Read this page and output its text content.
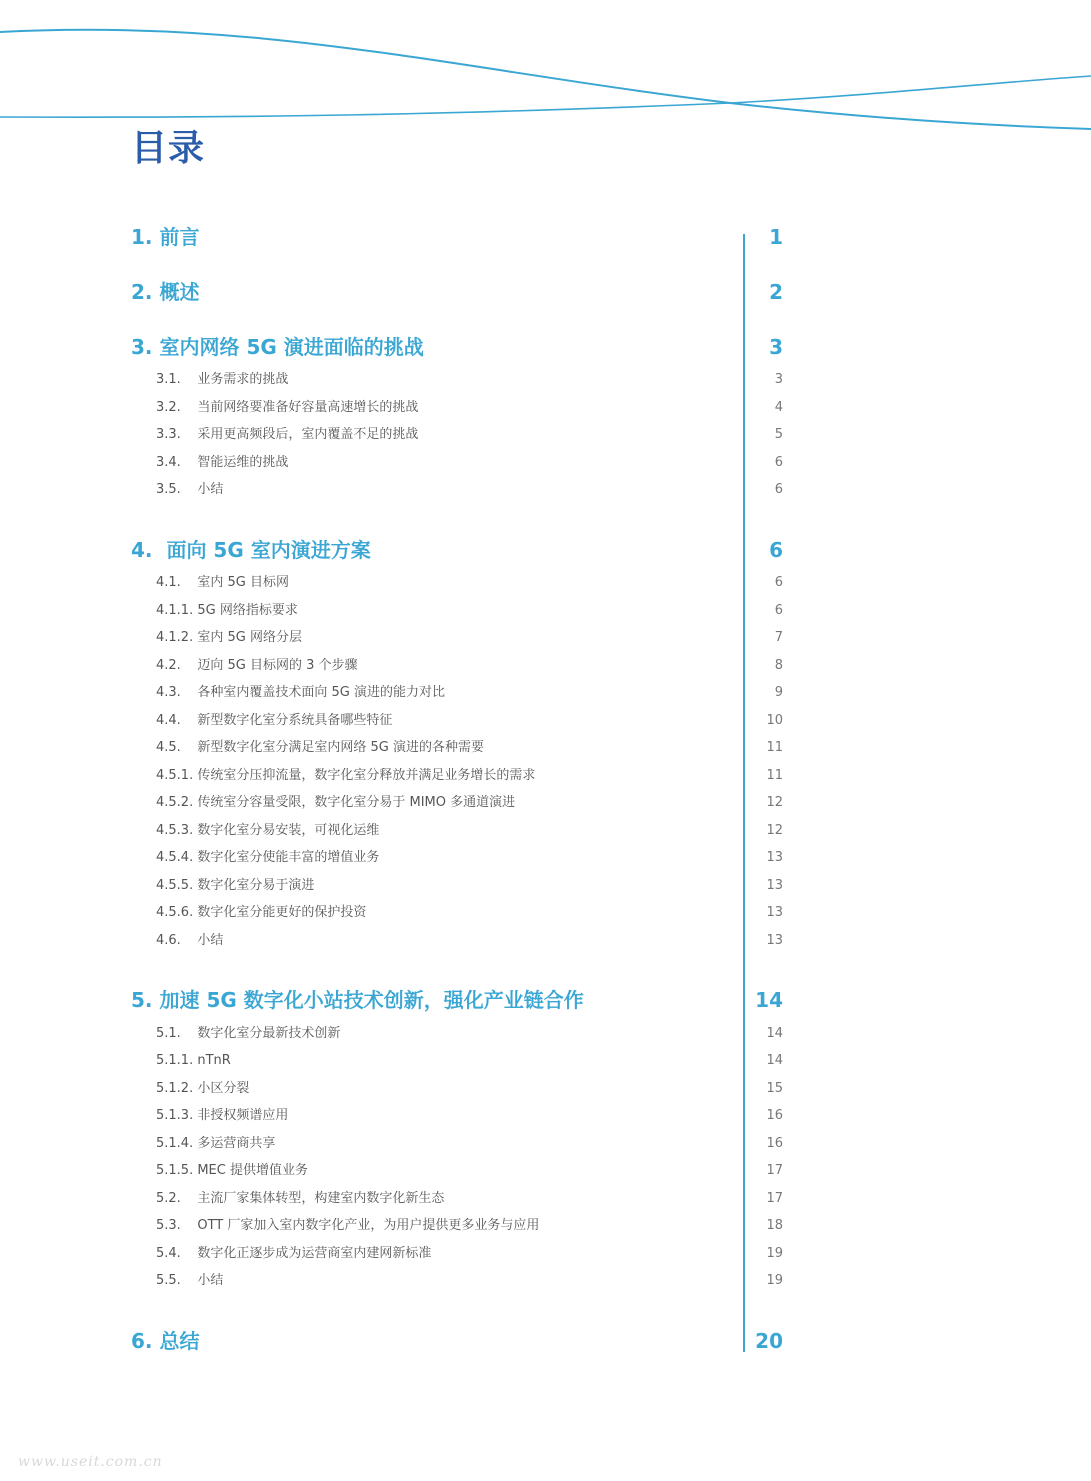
目录
1. 前言	1
2. 概述	2
3. 室内网络 5G 演进面临的挑战	3
3.1.    业务需求的挑战	3
3.2.    当前网络要准备好容量高速增长的挑战	4
3.3.    采用更高频段后，室内覆盖不足的挑战	5
3.4.    智能运维的挑战	6
3.5.    小结	6
4.  面向 5G 室内演进方案	6
4.1.    室内 5G 目标网	6
4.1.1. 5G 网络指标要求	6
4.1.2. 室内 5G 网络分层	7
4.2.    迈向 5G 目标网的 3 个步骤	8
4.3.    各种室内覆盖技术面向 5G 演进的能力对比	9
4.4.    新型数字化室分系统具备哪些特征	10
4.5.    新型数字化室分满足室内网络 5G 演进的各种需要	11
4.5.1. 传统室分压抑流量，数字化室分释放并满足业务增长的需求	11
4.5.2. 传统室分容量受限，数字化室分易于 MIMO 多通道演进	12
4.5.3. 数字化室分易安装，可视化运维	12
4.5.4. 数字化室分使能丰富的增值业务	13
4.5.5. 数字化室分易于演进	13
4.5.6. 数字化室分能更好的保护投资	13
4.6.    小结	13
5. 加速 5G 数字化小站技术创新，强化产业链合作	14
5.1.    数字化室分最新技术创新	14
5.1.1. nTnR	14
5.1.2. 小区分裂	15
5.1.3. 非授权频谱应用	16
5.1.4. 多运营商共享	16
5.1.5. MEC 提供增值业务	17
5.2.    主流厂家集体转型，构建室内数字化新生态	17
5.3.    OTT 厂家加入室内数字化产业，为用户提供更多业务与应用	18
5.4.    数字化正逐步成为运营商室内建网新标准	19
5.5.    小结	19
6. 总结	20
www.useit.com.cn
